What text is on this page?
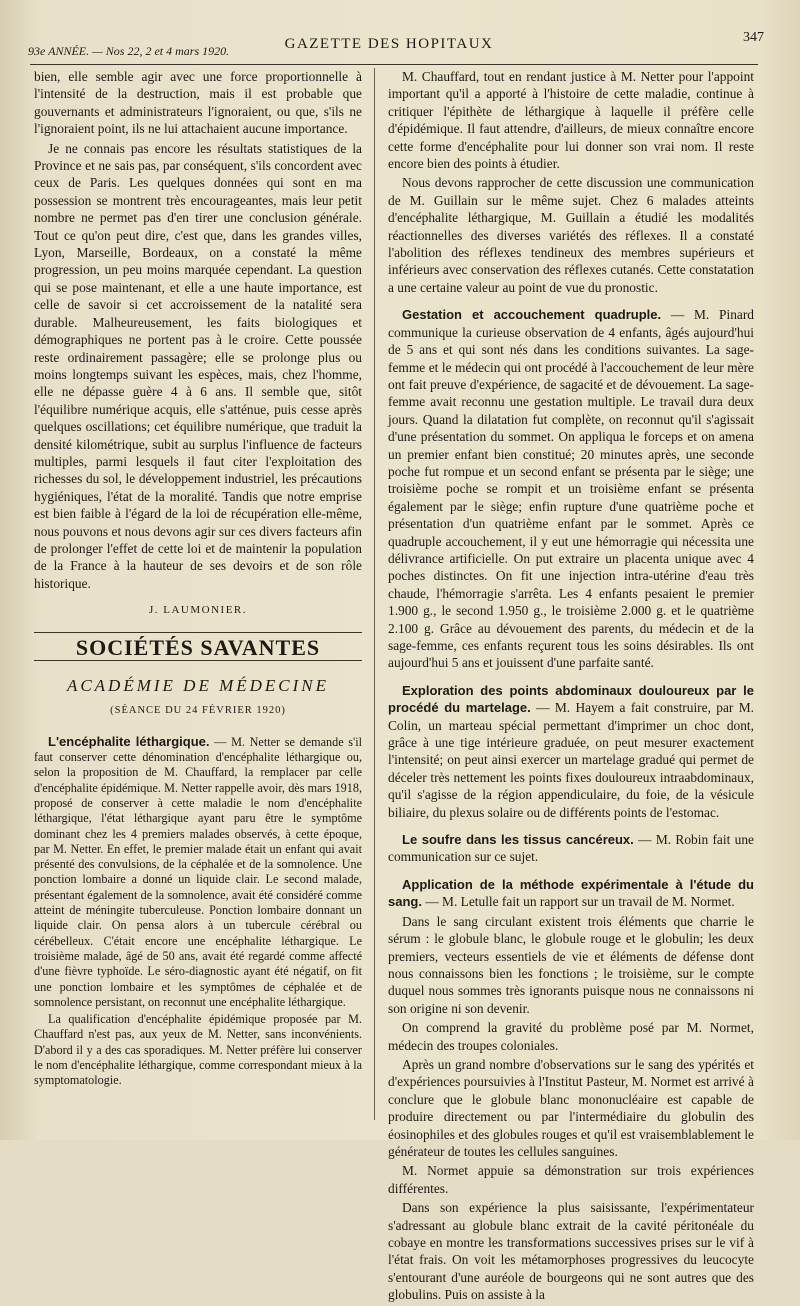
93e ANNÉE. — Nos 22, 2 et 4 mars 1920.	GAZETTE DES HOPITAUX	347

bien, elle semble agir avec une force proportionnelle à l'intensité de la destruction, mais il est probable que gouvernants et administrateurs l'ignoraient, ou que, s'ils ne l'ignoraient point, ils ne lui attachaient aucune importance.

Je ne connais pas encore les résultats statistiques de la Province et ne sais pas, par conséquent, s'ils concordent avec ceux de Paris. Les quelques données qui sont en ma possession se montrent très encourageantes, mais leur petit nombre ne permet pas d'en tirer une conclusion générale. Tout ce qu'on peut dire, c'est que, dans les grandes villes, Lyon, Marseille, Bordeaux, on a constaté la même progression, un peu moins marquée cependant. La question qui se pose maintenant, et elle a une haute importance, est celle de savoir si cet accroissement de la natalité sera durable. Malheureusement, les faits biologiques et démographiques ne portent pas à le croire. Cette poussée reste ordinairement passagère; elle se prolonge plus ou moins longtemps suivant les espèces, mais, chez l'homme, elle ne dépasse guère 4 à 6 ans. Il semble que, sitôt l'équilibre numérique acquis, elle s'atténue, puis cesse après quelques oscillations; cet équilibre numérique, que traduit la densité kilométrique, subit au surplus l'influence de facteurs multiples, parmi lesquels il faut citer l'exploitation des richesses du sol, le développement industriel, les précautions hygiéniques, l'état de la moralité. Tandis que notre emprise est bien faible à l'égard de la loi de récupération elle-même, nous pouvons et nous devons agir sur ces divers facteurs afin de prolonger l'effet de cette loi et de maintenir la population de la France à la hauteur de ses devoirs et de son rôle historique.

J. LAUMONIER.

SOCIÉTÉS SAVANTES
ACADÉMIE DE MÉDECINE
(SÉANCE DU 24 FÉVRIER 1920)

L'encéphalite léthargique. — M. Netter se demande s'il faut conserver cette dénomination d'encéphalite léthargique ou, selon la proposition de M. Chauffard, la remplacer par celle d'encéphalite épidémique. M. Netter rappelle avoir, dès mars 1918, proposé de conserver à cette maladie le nom d'encéphalite léthargique, l'état léthargique ayant paru être le symptôme dominant chez les 4 premiers malades observés, à cette époque, par M. Netter. En effet, le premier malade était un enfant qui avait présenté des convulsions, de la céphalée et de la somnolence. Une ponction lombaire a donné un liquide clair. Le second malade, présentant également de la somnolence, avait été considéré comme atteint de méningite tuberculeuse. Ponction lombaire donnant un liquide clair. On pensa alors à un tubercule cérébral ou cérébelleux. C'était encore une encéphalite léthargique. Le troisième malade, âgé de 50 ans, avait été regardé comme affecté d'une fièvre typhoïde. Le séro-diagnostic ayant été négatif, on fit une ponction lombaire et les symptômes de céphalée et de somnolence persistant, on reconnut une encéphalite léthargique.

La qualification d'encéphalite épidémique proposée par M. Chauffard n'est pas, aux yeux de M. Netter, sans inconvénients. D'abord il y a des cas sporadiques. M. Netter préfère lui conserver le nom d'encéphalite léthargique, comme correspondant mieux à la symptomatologie.

M. Chauffard, tout en rendant justice à M. Netter pour l'appoint important qu'il a apporté à l'histoire de cette maladie, continue à critiquer l'épithète de léthargique à laquelle il préfère celle d'épidémique. Il faut attendre, d'ailleurs, de mieux connaître encore cette forme d'encéphalite pour lui donner son vrai nom. Il reste encore bien des points à étudier.

Nous devons rapprocher de cette discussion une communication de M. Guillain sur le même sujet. Chez 6 malades atteints d'encéphalite léthargique, M. Guillain a étudié les modalités réactionnelles des diverses variétés des réflexes. Il a constaté l'abolition des réflexes tendineux des membres supérieurs et inférieurs avec conservation des réflexes cutanés. Cette constatation a une certaine valeur au point de vue du pronostic.

Gestation et accouchement quadruple. — M. Pinard communique la curieuse observation de 4 enfants, âgés aujourd'hui de 5 ans et qui sont nés dans les conditions suivantes. La sage-femme et le médecin qui ont procédé à l'accouchement de leur mère ont fait preuve d'expérience, de sagacité et de dévouement. La sage-femme avait reconnu une gestation multiple. Le travail dura deux jours. Quand la dilatation fut complète, on reconnut qu'il s'agissait d'une présentation du sommet. On appliqua le forceps et on amena un premier enfant bien constitué; 20 minutes après, une seconde poche fut rompue et un second enfant se présenta par le siège; une troisième poche se rompit et un troisième enfant se présenta également par le siège; enfin rupture d'une quatrième poche et présentation d'un quatrième enfant par le sommet. Après ce quadruple accouchement, il y eut une hémorragie qui nécessita une délivrance artificielle. On put extraire un placenta unique avec 4 poches distinctes. On fit une injection intra-utérine d'eau très chaude, l'hémorragie s'arrêta. Les 4 enfants pesaient le premier 1.900 g., le second 1.950 g., le troisième 2.000 g. et le quatrième 2.100 g. Grâce au dévouement des parents, du médecin et de la sage-femme, ces enfants reçurent tous les soins désirables. Ils ont aujourd'hui 5 ans et jouissent d'une parfaite santé.

Exploration des points abdominaux douloureux par le procédé du martelage. — M. Hayem a fait construire, par M. Colin, un marteau spécial permettant d'imprimer un choc dont, grâce à une tige intérieure graduée, on peut mesurer exactement l'intensité; on peut ainsi exercer un martelage gradué qui permet de déceler très nettement les points fixes douloureux intraabdominaux, qu'il s'agisse de la région appendiculaire, du foie, de la vésicule biliaire, du plexus solaire ou de différents points de l'estomac.

Le soufre dans les tissus cancéreux. — M. Robin fait une communication sur ce sujet.

Application de la méthode expérimentale à l'étude du sang. — M. Letulle fait un rapport sur un travail de M. Normet.

Dans le sang circulant existent trois éléments que charrie le sérum : le globule blanc, le globule rouge et le globulin; les deux premiers, vecteurs essentiels de vie et éléments de défense dont nous connaissons bien les fonctions ; le troisième, sur le compte duquel nous sommes très ignorants puisque nous ne connaissons ni son origine ni son devenir.

On comprend la gravité du problème posé par M. Normet, médecin des troupes coloniales.

Après un grand nombre d'observations sur le sang des ypérités et d'expériences poursuivies à l'Institut Pasteur, M. Normet est arrivé à conclure que le globule blanc mononucléaire est capable de produire directement ou par l'intermédiaire du globulin des éosinophiles et des globules rouges et qu'il est vraisemblablement le générateur de toutes les cellules sanguines.

M. Normet appuie sa démonstration sur trois expériences différentes.

Dans son expérience la plus saisissante, l'expérimentateur s'adressant au globule blanc extrait de la cavité péritonéale du cobaye en montre les transformations successives prises sur le vif à l'état frais. On voit les métamorphoses progressives du leucocyte s'entourant d'une auréole de bourgeons qui ne sont autres que des globulins. Puis on assiste à la
